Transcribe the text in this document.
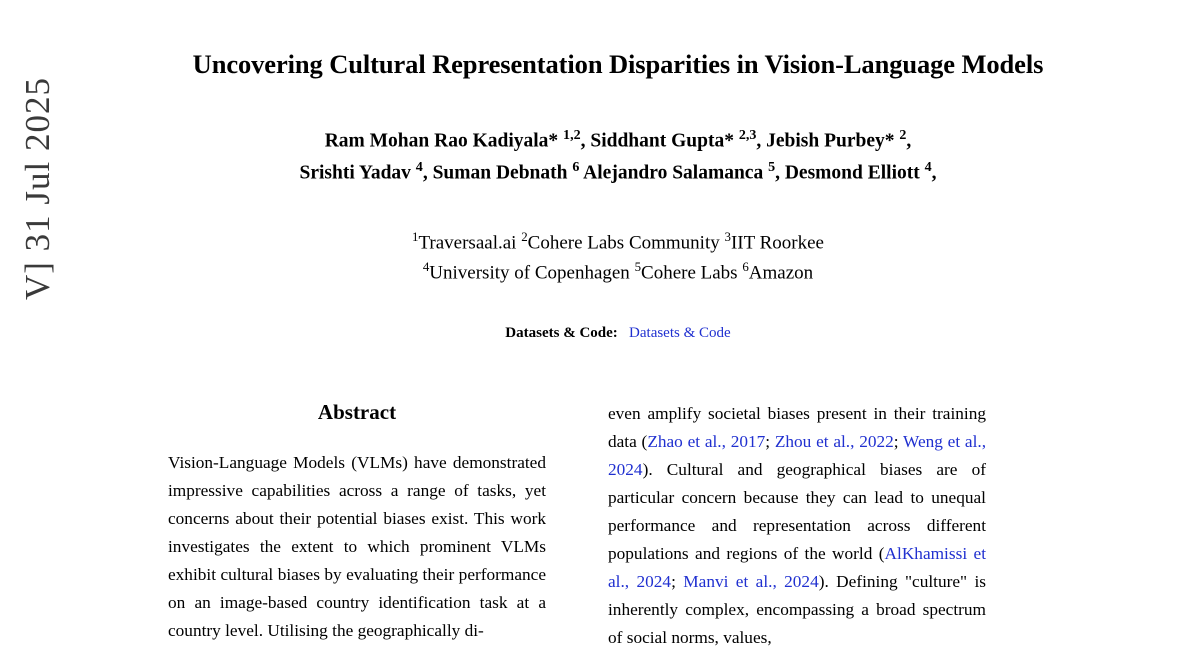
V] 31 Jul 2025
Uncovering Cultural Representation Disparities in Vision-Language Models
Ram Mohan Rao Kadiyala* $^{1,2}$, Siddhant Gupta* $^{2,3}$, Jebish Purbey* $^2$,
Srishti Yadav $^4$, Suman Debnath $^6$ Alejandro Salamanca $^5$, Desmond Elliott $^4$,
$^1$Traversaal.ai $^2$Cohere Labs Community $^3$IIT Roorkee
$^4$University of Copenhagen $^5$Cohere Labs $^6$Amazon
Datasets & Code: Datasets & Code
Abstract
Vision-Language Models (VLMs) have demonstrated impressive capabilities across a range of tasks, yet concerns about their potential biases exist. This work investigates the extent to which prominent VLMs exhibit cultural biases by evaluating their performance on an image-based country identification task at a country level. Utilising the geographically di-
even amplify societal biases present in their training data (Zhao et al., 2017; Zhou et al., 2022; Weng et al., 2024). Cultural and geographical biases are of particular concern because they can lead to unequal performance and representation across different populations and regions of the world (AlKhamissi et al., 2024; Manvi et al., 2024). Defining "culture" is inherently complex, encompassing a broad spectrum of social norms, values,
